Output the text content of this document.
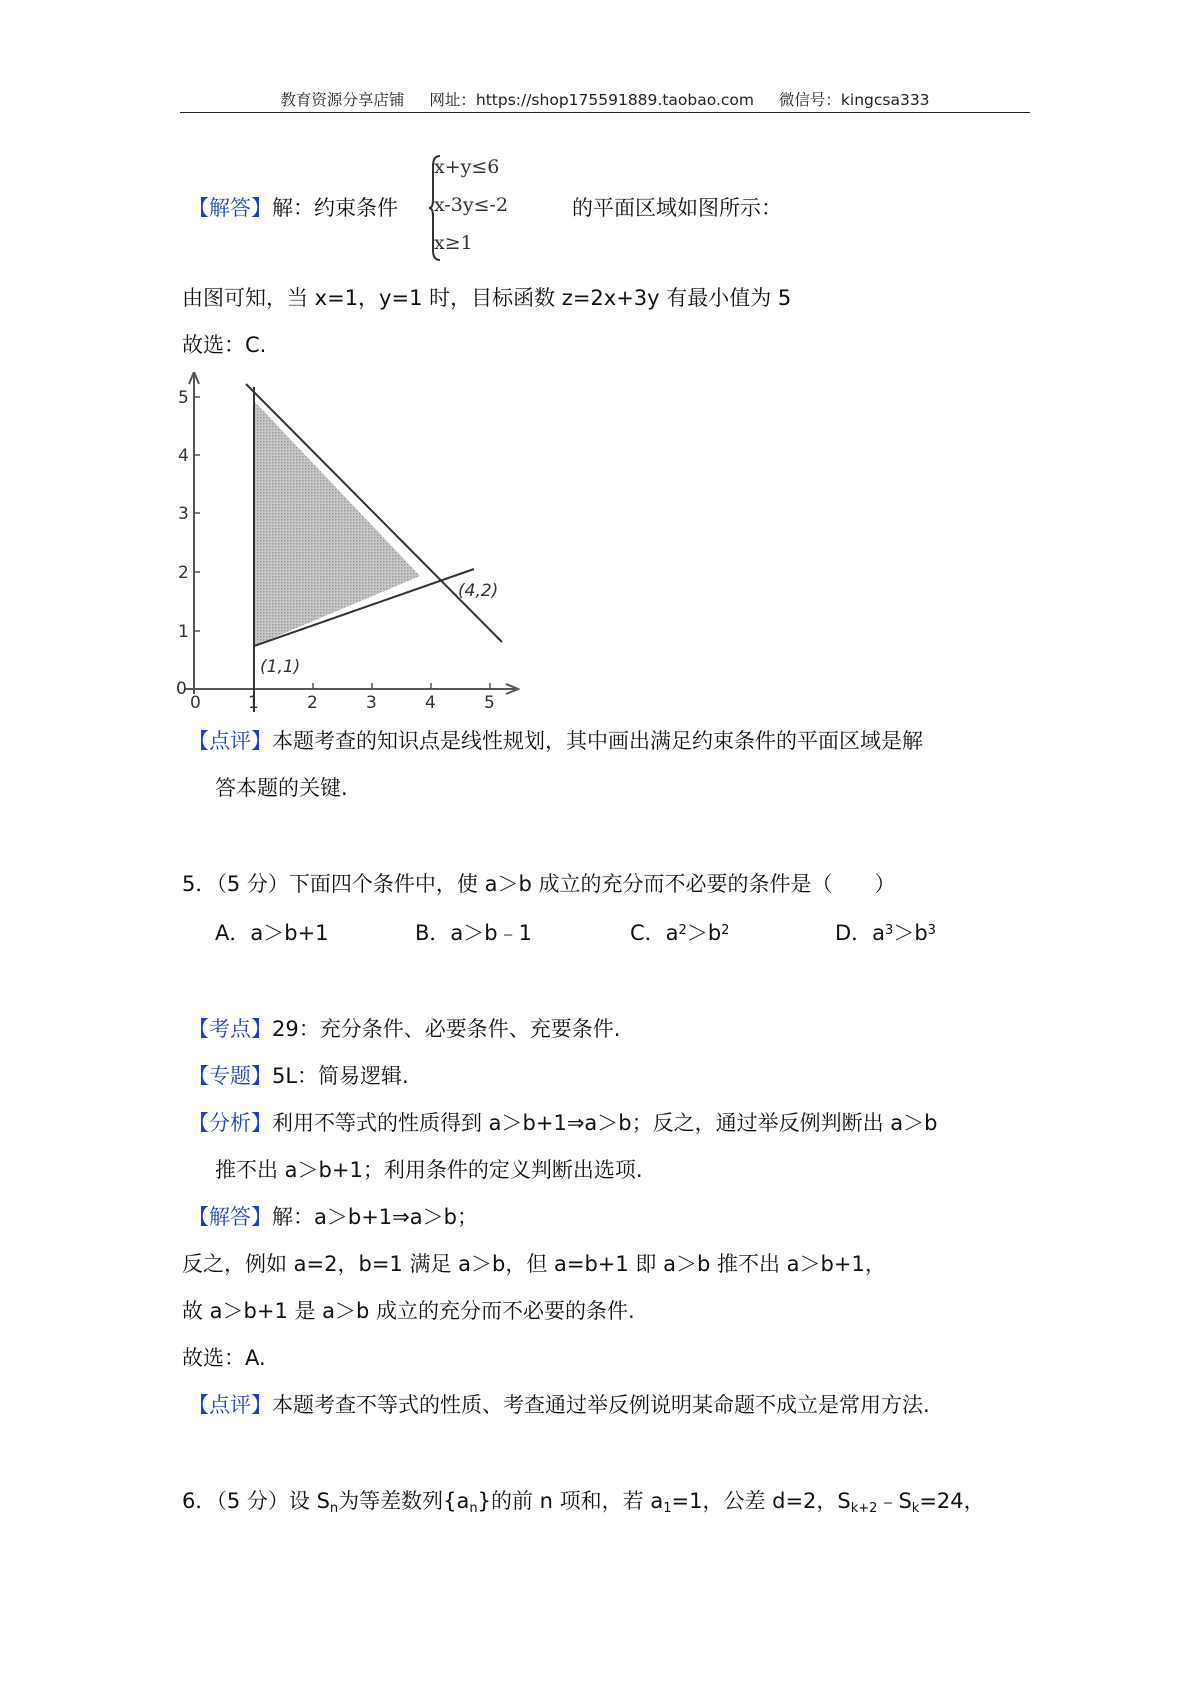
教育资源分享店铺 网址：https://shop175591889.taobao.com 微信号：kingcsa333
【解答】解：约束条件
x+y≤6
x-3y≤-2
x≥1
的平面区域如图所示：
由图可知，当 x=1，y=1 时，目标函数 z=2x+3y 有最小值为 5
故选：C.
5
4
3
2
1
0
0	1	2	3	4	5
(1,1)
(4,2)
【点评】本题考查的知识点是线性规划，其中画出满足约束条件的平面区域是解
答本题的关键.
5．（5 分）下面四个条件中，使 a＞b 成立的充分而不必要的条件是（　　）
A．a＞b+1	B．a＞b﹣1	C．$a^2>b^2$	D．$a^3>b^3$
【考点】29：充分条件、必要条件、充要条件.
【专题】5L：简易逻辑.
【分析】利用不等式的性质得到 a＞b+1⇒a＞b；反之，通过举反例判断出 a＞b
推不出 a＞b+1；利用条件的定义判断出选项.
【解答】解：a＞b+1⇒a＞b；
反之，例如 a=2，b=1 满足 a＞b，但 a=b+1 即 a＞b 推不出 a＞b+1，
故 a＞b+1 是 a＞b 成立的充分而不必要的条件.
故选：A.
【点评】本题考查不等式的性质、考查通过举反例说明某命题不成立是常用方法.
6．（5 分）设 $S_n$为等差数列$\{a_n\}$的前 n 项和，若 $a_1=1$，公差 d=2，$S_{k+2}﹣S_k=24$，
